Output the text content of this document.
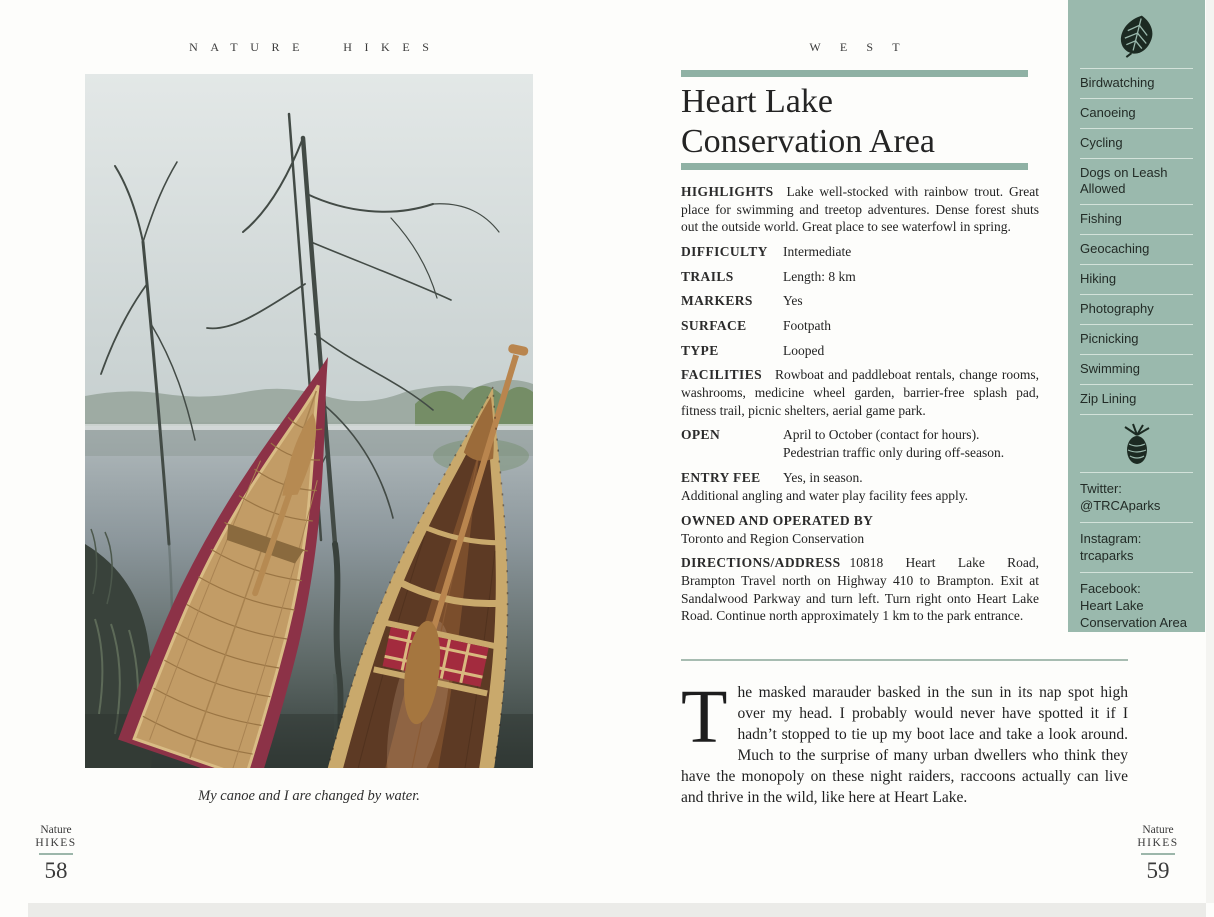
NATURE HIKES
My canoe and I are changed by water.
Nature
HIKES
58
WEST
Heart Lake
Conservation Area

HIGHLIGHTS Lake well-stocked with rainbow trout. Great place for swimming and treetop adventures. Dense forest shuts out the outside world. Great place to see waterfowl in spring.

DIFFICULTY	Intermediate
TRAILS	Length: 8 km
MARKERS	Yes
SURFACE	Footpath
TYPE	Looped

FACILITIES Rowboat and paddleboat rentals, change rooms, washrooms, medicine wheel garden, barrier-free splash pad, fitness trail, picnic shelters, aerial game park.

OPEN	April to October (contact for hours).
Pedestrian traffic only during off-season.
ENTRY FEE	Yes, in season.
Additional angling and water play facility fees apply.
OWNED AND OPERATED BY
Toronto and Region Conservation

DIRECTIONS/ADDRESS 10818 Heart Lake Road, Brampton Travel north on Highway 410 to Brampton. Exit at Sandalwood Parkway and turn left. Turn right onto Heart Lake Road. Continue north approximately 1 km to the park entrance.

The masked marauder basked in the sun in its nap spot high over my head. I probably would never have spotted it if I hadn’t stopped to tie up my boot lace and take a look around. Much to the surprise of many urban dwellers who think they have the monopoly on these night raiders, raccoons actually can live and thrive in the wild, like here at Heart Lake.
Nature
HIKES
59
Birdwatching
Canoeing
Cycling
Dogs on Leash Allowed
Fishing
Geocaching
Hiking
Photography
Picnicking
Swimming
Zip Lining
Twitter:
@TRCAparks
Instagram:
trcaparks
Facebook:
Heart Lake Conservation Area
